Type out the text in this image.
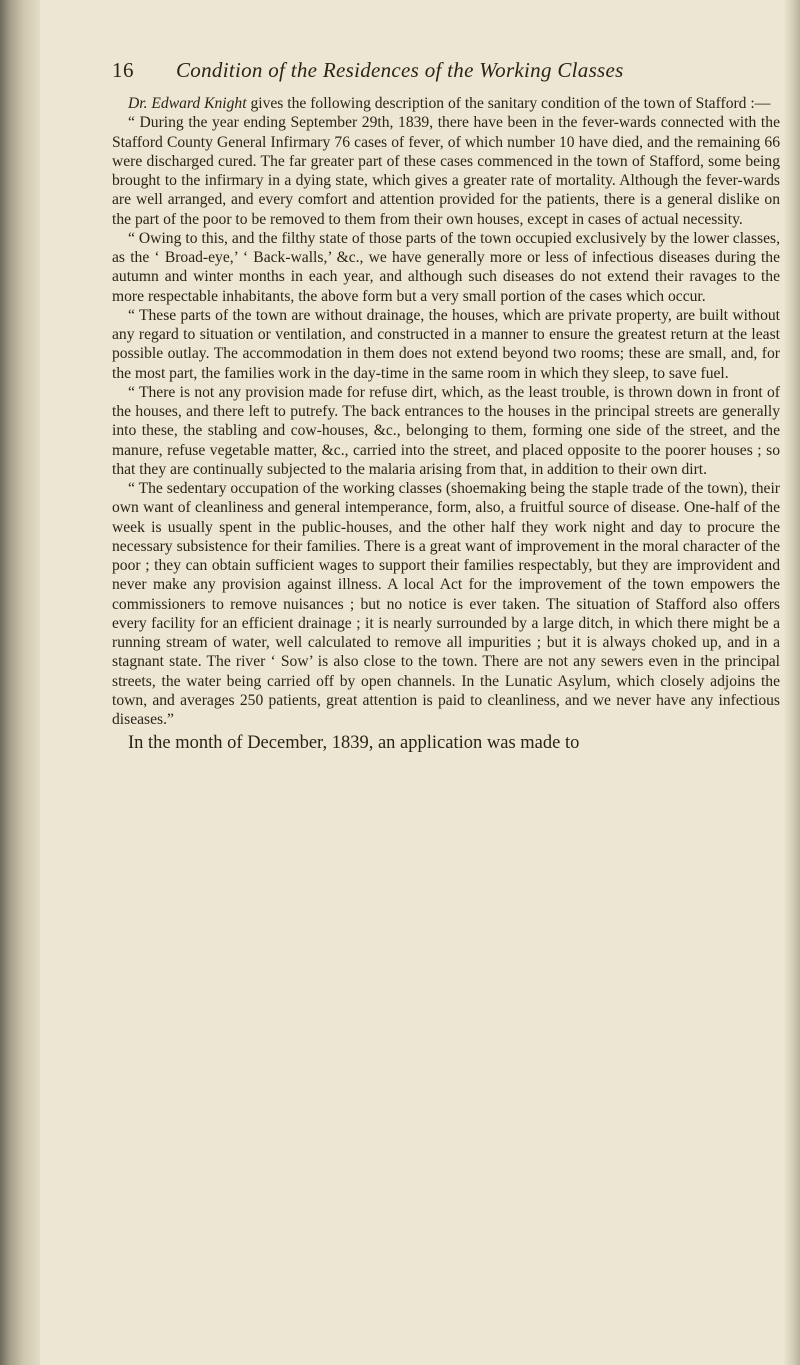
16 Condition of the Residences of the Working Classes

Dr. Edward Knight gives the following description of the sanitary condition of the town of Stafford :—

“ During the year ending September 29th, 1839, there have been in the fever-wards connected with the Stafford County General Infirmary 76 cases of fever, of which number 10 have died, and the remaining 66 were discharged cured. The far greater part of these cases commenced in the town of Stafford, some being brought to the infirmary in a dying state, which gives a greater rate of mortality. Although the fever-wards are well arranged, and every comfort and attention provided for the patients, there is a general dislike on the part of the poor to be removed to them from their own houses, except in cases of actual necessity.

“ Owing to this, and the filthy state of those parts of the town occupied exclusively by the lower classes, as the ‘ Broad-eye,’ ‘ Back-walls,’ &c., we have generally more or less of infectious diseases during the autumn and winter months in each year, and although such diseases do not extend their ravages to the more respectable inhabitants, the above form but a very small portion of the cases which occur.

“ These parts of the town are without drainage, the houses, which are private property, are built without any regard to situation or ventilation, and constructed in a manner to ensure the greatest return at the least possible outlay. The accommodation in them does not extend beyond two rooms; these are small, and, for the most part, the families work in the day-time in the same room in which they sleep, to save fuel.

“ There is not any provision made for refuse dirt, which, as the least trouble, is thrown down in front of the houses, and there left to putrefy. The back entrances to the houses in the principal streets are generally into these, the stabling and cow-houses, &c., belonging to them, forming one side of the street, and the manure, refuse vegetable matter, &c., carried into the street, and placed opposite to the poorer houses ; so that they are continually subjected to the malaria arising from that, in addition to their own dirt.

“ The sedentary occupation of the working classes (shoemaking being the staple trade of the town), their own want of cleanliness and general intemperance, form, also, a fruitful source of disease. One-half of the week is usually spent in the public-houses, and the other half they work night and day to procure the necessary subsistence for their families. There is a great want of improvement in the moral character of the poor ; they can obtain sufficient wages to support their families respectably, but they are improvident and never make any provision against illness. A local Act for the improvement of the town empowers the commissioners to remove nuisances ; but no notice is ever taken. The situation of Stafford also offers every facility for an efficient drainage ; it is nearly surrounded by a large ditch, in which there might be a running stream of water, well calculated to remove all impurities ; but it is always choked up, and in a stagnant state. The river ‘ Sow’ is also close to the town. There are not any sewers even in the principal streets, the water being carried off by open channels. In the Lunatic Asylum, which closely adjoins the town, and averages 250 patients, great attention is paid to cleanliness, and we never have any infectious diseases.”

In the month of December, 1839, an application was made to
